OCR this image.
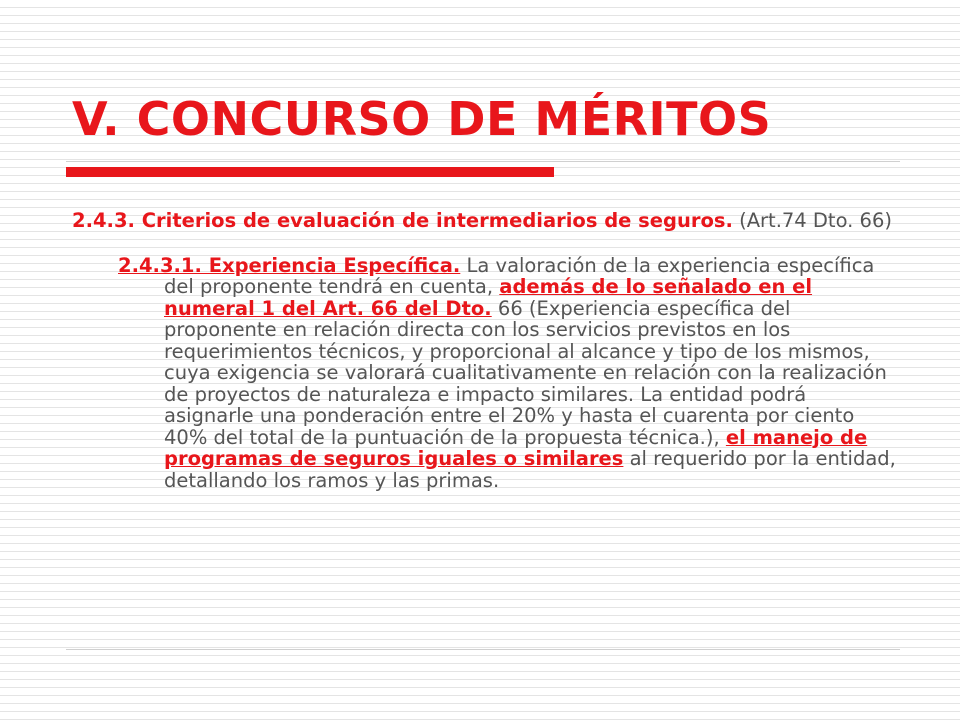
V. CONCURSO DE MÉRITOS

2.4.3. Criterios de evaluación de intermediarios de seguros. (Art.74 Dto. 66)

2.4.3.1. Experiencia Específica. La valoración de la experiencia específica del proponente tendrá en cuenta, además de lo señalado en el numeral 1 del Art. 66 del Dto. 66 (Experiencia específica del proponente en relación directa con los servicios previstos en los requerimientos técnicos, y proporcional al alcance y tipo de los mismos, cuya exigencia se valorará cualitativamente en relación con la realización de proyectos de naturaleza e impacto similares. La entidad podrá asignarle una ponderación entre el 20% y hasta el cuarenta por ciento 40% del total de la puntuación de la propuesta técnica.), el manejo de programas de seguros iguales o similares al requerido por la entidad, detallando los ramos y las primas.
